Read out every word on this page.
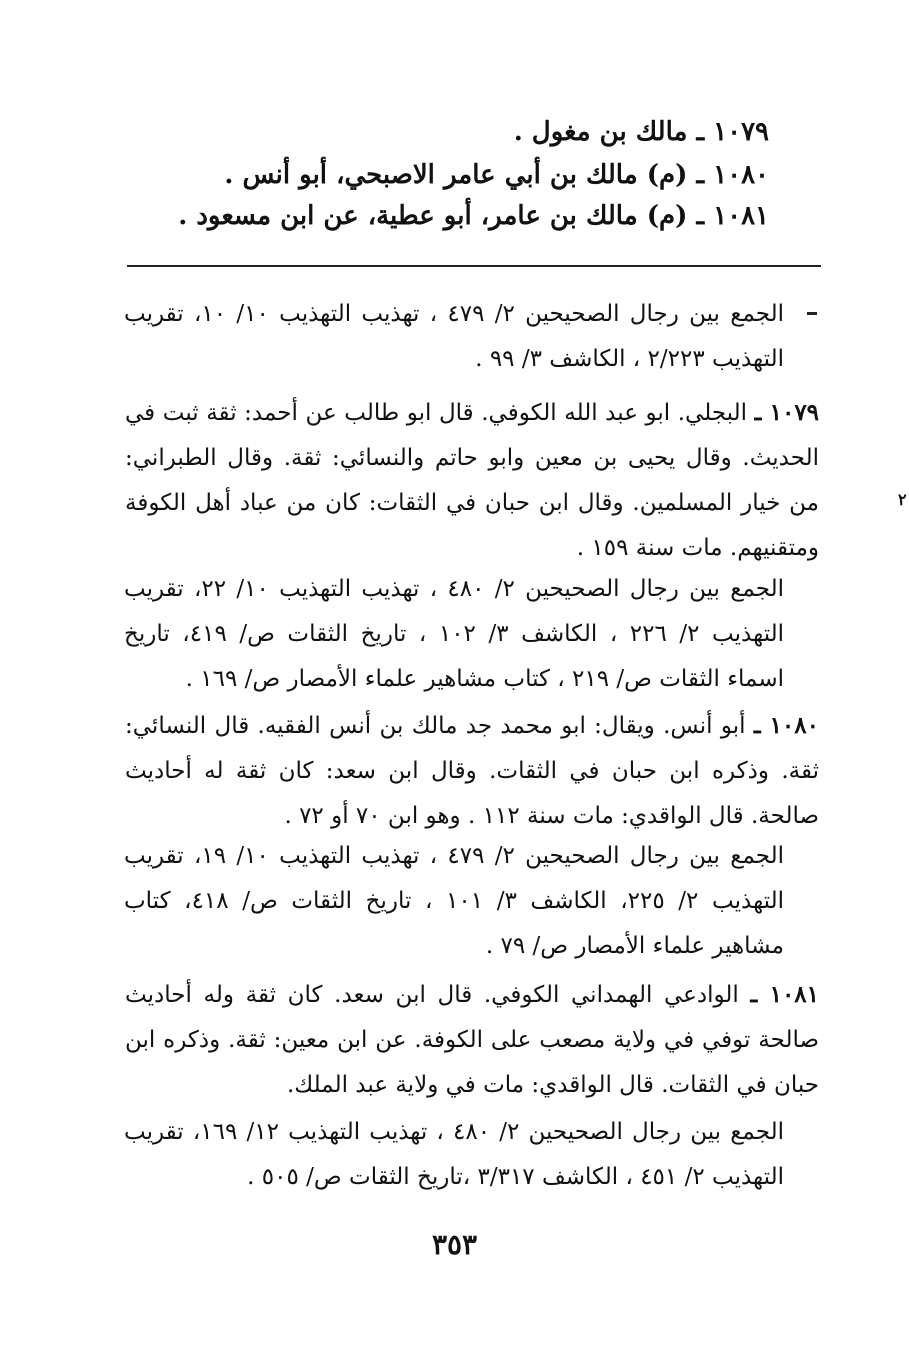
١٠٧٩ ـ مالك بن مغول .
١٠٨٠ ـ (م) مالك بن أبي عامر الاصبحي، أبو أنس .
١٠٨١ ـ (م) مالك بن عامر، أبو عطية، عن ابن مسعود .
الجمع بين رجال الصحيحين ٢/ ٤٧٩ ، تهذيب التهذيب ١٠/ ١٠، تقريب التهذيب ٢/٢٢٣ ، الكاشف ٣/ ٩٩ .
١٠٧٩ ـ البجلي. ابو عبد الله الكوفي. قال ابو طالب عن أحمد: ثقة ثبت في الحديث. وقال يحيى بن معين وابو حاتم والنسائي: ثقة. وقال الطبراني: من خيار المسلمين. وقال ابن حبان في الثقات: كان من عباد أهل الكوفة ومتقنيهم. مات سنة ١٥٩ .
الجمع بين رجال الصحيحين ٢/ ٤٨٠ ، تهذيب التهذيب ١٠/ ٢٢، تقريب التهذيب ٢/ ٢٢٦ ، الكاشف ٣/ ١٠٢ ، تاريخ الثقات ص/ ٤١٩، تاريخ اسماء الثقات ص/ ٢١٩ ، كتاب مشاهير علماء الأمصار ص/ ١٦٩ .
١٠٨٠ ـ أبو أنس. ويقال: ابو محمد جد مالك بن أنس الفقيه. قال النسائي: ثقة. وذكره ابن حبان في الثقات. وقال ابن سعد: كان ثقة له أحاديث صالحة. قال الواقدي: مات سنة ١١٢ . وهو ابن ٧٠ أو ٧٢ .
الجمع بين رجال الصحيحين ٢/ ٤٧٩ ، تهذيب التهذيب ١٠/ ١٩، تقريب التهذيب ٢/ ٢٢٥، الكاشف ٣/ ١٠١ ، تاريخ الثقات ص/ ٤١٨، كتاب مشاهير علماء الأمصار ص/ ٧٩ .
١٠٨١ ـ الوادعي الهمداني الكوفي. قال ابن سعد. كان ثقة وله أحاديث صالحة توفي في ولاية مصعب على الكوفة. عن ابن معين: ثقة. وذكره ابن حبان في الثقات. قال الواقدي: مات في ولاية عبد الملك.
الجمع بين رجال الصحيحين ٢/ ٤٨٠ ، تهذيب التهذيب ١٢/ ١٦٩، تقريب التهذيب ٢/ ٤٥١ ، الكاشف ٣/٣١٧ ،تاريخ الثقات ص/ ٥٠٥ .
٣٥٣
٢
